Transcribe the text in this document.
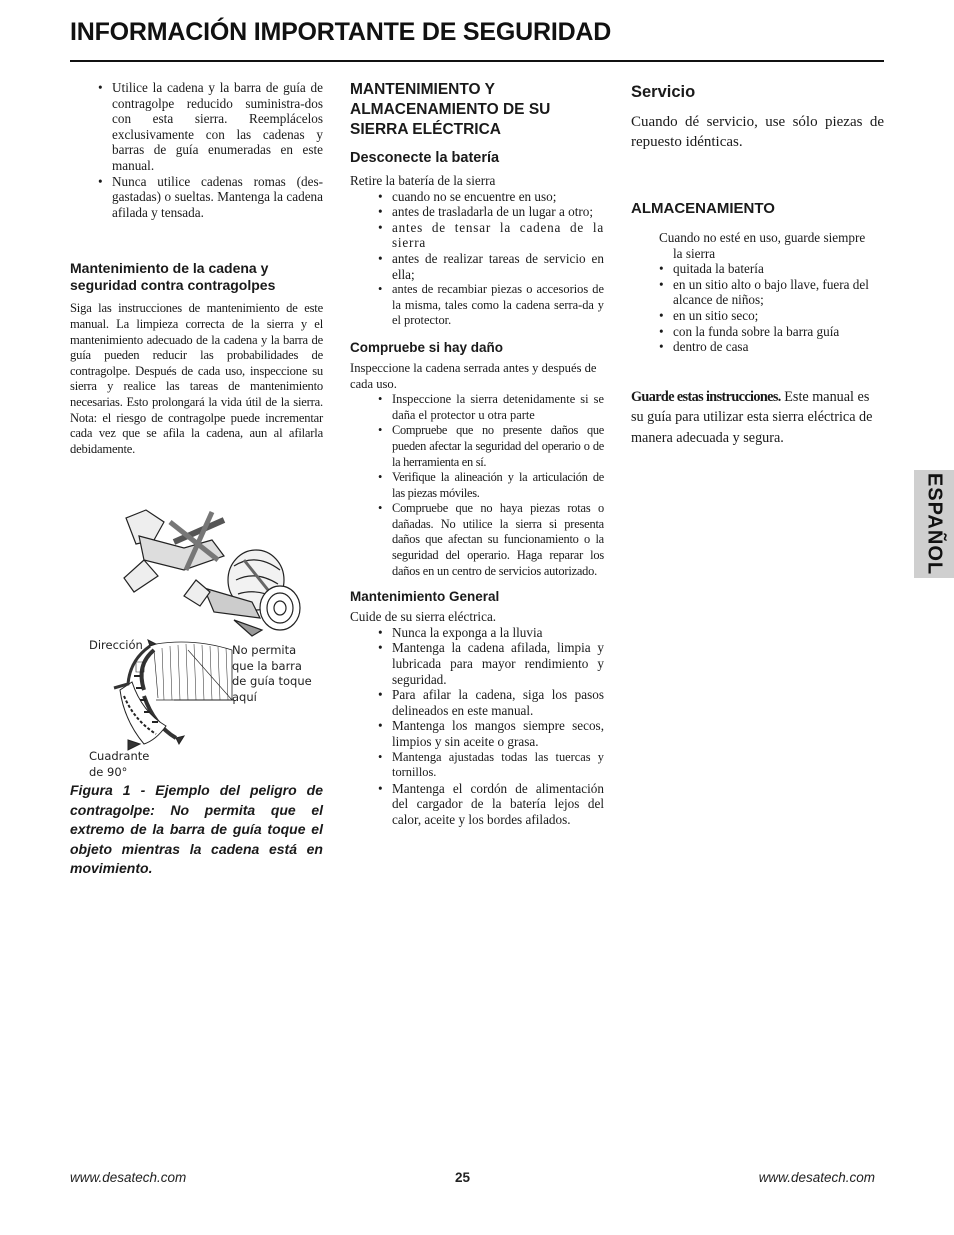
INFORMACIÓN IMPORTANTE DE SEGURIDAD
• Utilice la cadena y la barra de guía de contragolpe reducido suministra-dos con esta sierra. Reemplácelos exclusivamente con las cadenas y barras de guía enumeradas en este manual.
• Nunca utilice cadenas romas (des-gastadas) o sueltas. Mantenga la cadena afilada y tensada.
Mantenimiento de la cadena y seguridad contra contragolpes
Siga las instrucciones de mantenimiento de este manual. La limpieza correcta de la sierra y el mantenimiento adecuado de la cadena y la barra de guía pueden reducir las probabilidades de contragolpe. Después de cada uso, inspeccione su sierra y realice las tareas de mantenimiento necesarias. Esto prolongará la vida útil de la sierra. Nota: el riesgo de contragolpe puede incrementar cada vez que se afila la cadena, aun al afilarla debidamente.
Dirección	No permita que la barra de guía toque aquí
Cuadrante de 90°
Figura 1 - Ejemplo del peligro de contragolpe: No permita que el extremo de la barra de guía toque el objeto mientras la cadena está en movimiento.
MANTENIMIENTO Y ALMACENAMIENTO DE SU SIERRA ELÉCTRICA
Desconecte la batería
Retire la batería de la sierra
• cuando no se encuentre en uso;
• antes de trasladarla de un lugar a otro;
• antes de tensar la cadena de la sierra
• antes de realizar tareas de servicio en ella;
• antes de recambiar piezas o accesorios de la misma, tales como la cadena serra-da y el protector.
Compruebe si hay daño
Inspeccione la cadena serrada antes y después de cada uso.
• Inspeccione la sierra detenidamente si se daña el protector u otra parte
• Compruebe que no presente daños que pueden afectar la seguridad del operario o de la herramienta en sí.
• Verifique la alineación y la articulación de las piezas móviles.
• Compruebe que no haya piezas rotas o dañadas. No utilice la sierra si presenta daños que afectan su funcionamiento o la seguridad del operario. Haga reparar los daños en un centro de servicios autorizado.
Mantenimiento General
Cuide de su sierra eléctrica.
• Nunca la exponga a la lluvia
• Mantenga la cadena afilada, limpia y lubricada para mayor rendimiento y seguridad.
• Para afilar la cadena, siga los pasos delineados en este manual.
• Mantenga los mangos siempre secos, limpios y sin aceite o grasa.
• Mantenga ajustadas todas las tuercas y tornillos.
• Mantenga el cordón de alimentación del cargador de la batería lejos del calor, aceite y los bordes afilados.
Servicio
Cuando dé servicio, use sólo piezas de repuesto idénticas.
ALMACENAMIENTO
Cuando no esté en uso, guarde siempre
la sierra
• quitada la batería
• en un sitio alto o bajo llave, fuera del alcance de niños;
• en un sitio seco;
• con la funda sobre la barra guía
• dentro de casa
Guarde estas instrucciones. Este manual es su guía para utilizar esta sierra eléctrica de manera adecuada y segura.
ESPAÑOL
www.desatech.com	25	www.desatech.com
